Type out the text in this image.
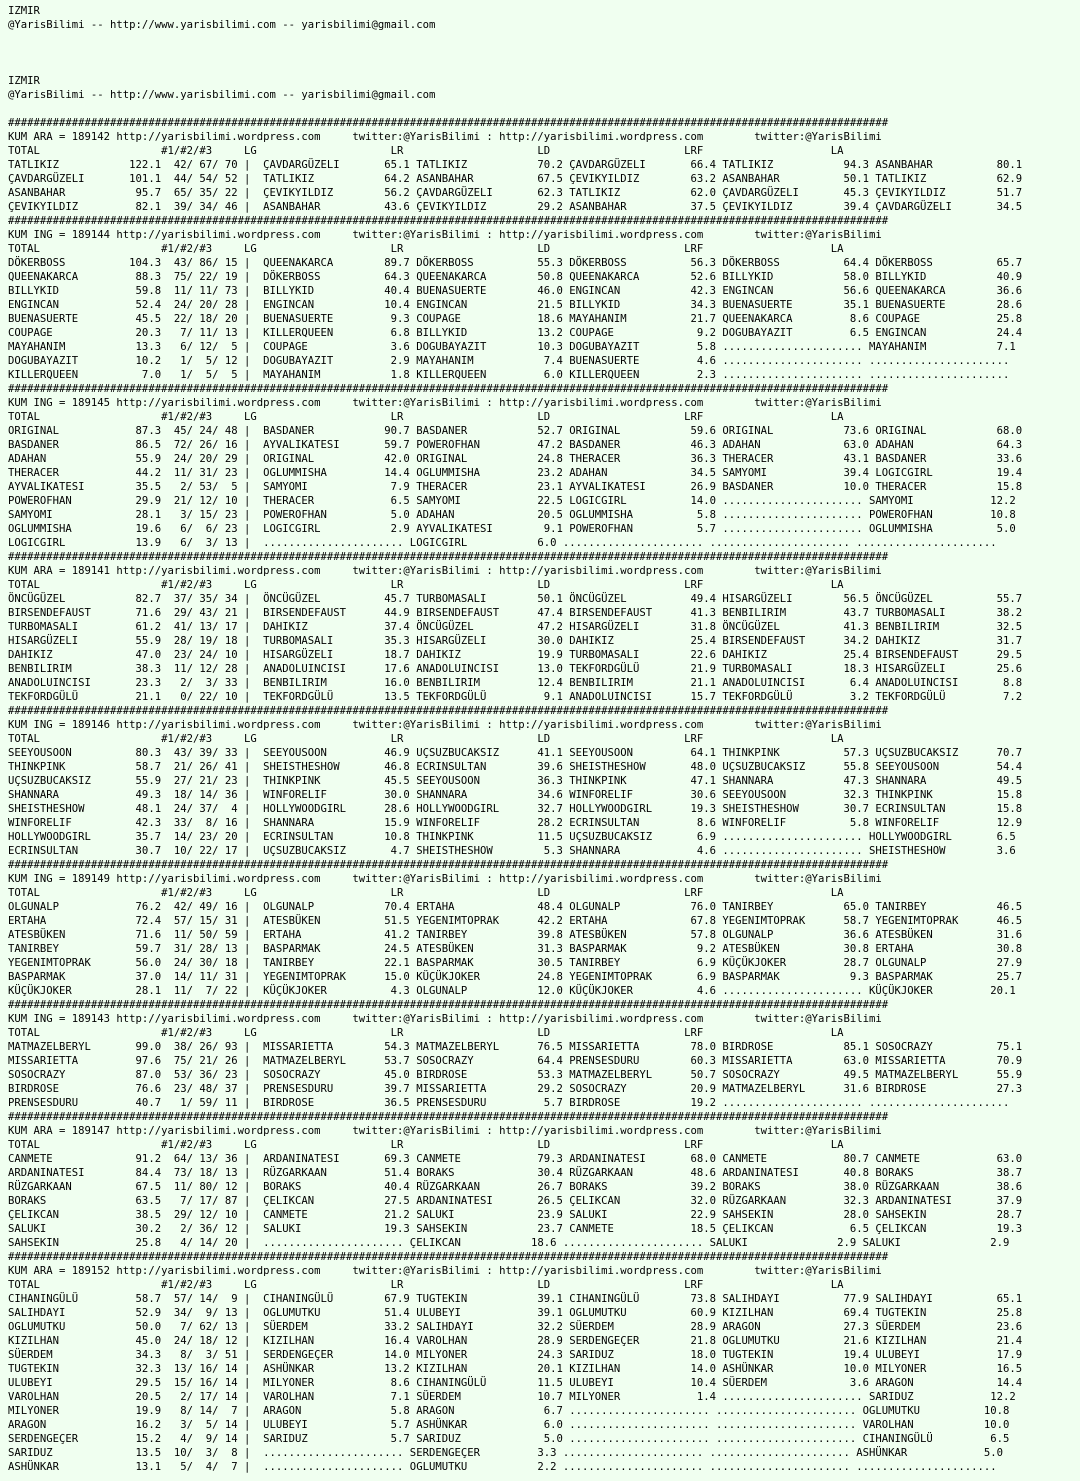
IZMIR
@YarisBilimi -- http://www.yarisbilimi.com -- yarisbilimi@gmail.com
IZMIR
@YarisBilimi -- http://www.yarisbilimi.com -- yarisbilimi@gmail.com
##########################################################################################################################################
KUM ARA = 189142 http://yarisbilimi.wordpress.com     twitter:@YarisBilimi : http://yarisbilimi.wordpress.com        twitter:@YarisBilimi
TOTAL                   #1/#2/#3     LG                     LR                     LD                     LRF                    LA
TATLIKIZ           122.1  42/ 67/ 70 |  ÇAVDARGÜZELI       65.1 TATLIKIZ           70.2 ÇAVDARGÜZELI       66.4 TATLIKIZ           94.3 ASANBAHAR          80.1
ÇAVDARGÜZELI       101.1  44/ 54/ 52 |  TATLIKIZ           64.2 ASANBAHAR          67.5 ÇEVIKYILDIZ        63.2 ASANBAHAR          50.1 TATLIKIZ           62.9
ASANBAHAR           95.7  65/ 35/ 22 |  ÇEVIKYILDIZ        56.2 ÇAVDARGÜZELI       62.3 TATLIKIZ           62.0 ÇAVDARGÜZELI       45.3 ÇEVIKYILDIZ        51.7
ÇEVIKYILDIZ         82.1  39/ 34/ 46 |  ASANBAHAR          43.6 ÇEVIKYILDIZ        29.2 ASANBAHAR          37.5 ÇEVIKYILDIZ        39.4 ÇAVDARGÜZELI       34.5
##########################################################################################################################################
KUM ING = 189144 http://yarisbilimi.wordpress.com     twitter:@YarisBilimi : http://yarisbilimi.wordpress.com        twitter:@YarisBilimi
TOTAL                   #1/#2/#3     LG                     LR                     LD                     LRF                    LA
DÖKERBOSS          104.3  43/ 86/ 15 |  QUEENAKARCA        89.7 DÖKERBOSS          55.3 DÖKERBOSS          56.3 DÖKERBOSS          64.4 DÖKERBOSS          65.7
QUEENAKARCA         88.3  75/ 22/ 19 |  DÖKERBOSS          64.3 QUEENAKARCA        50.8 QUEENAKARCA        52.6 BILLYKID           58.0 BILLYKID           40.9
BILLYKID            59.8  11/ 11/ 73 |  BILLYKID           40.4 BUENASUERTE        46.0 ENGINCAN           42.3 ENGINCAN           56.6 QUEENAKARCA        36.6
ENGINCAN            52.4  24/ 20/ 28 |  ENGINCAN           10.4 ENGINCAN           21.5 BILLYKID           34.3 BUENASUERTE        35.1 BUENASUERTE        28.6
BUENASUERTE         45.5  22/ 18/ 20 |  BUENASUERTE         9.3 COUPAGE            18.6 MAYAHANIM          21.7 QUEENAKARCA         8.6 COUPAGE            25.8
COUPAGE             20.3   7/ 11/ 13 |  KILLERQUEEN         6.8 BILLYKID           13.2 COUPAGE             9.2 DOGUBAYAZIT         6.5 ENGINCAN           24.4
MAYAHANIM           13.3   6/ 12/  5 |  COUPAGE             3.6 DOGUBAYAZIT        10.3 DOGUBAYAZIT         5.8 ...................... MAYAHANIM           7.1
DOGUBAYAZIT         10.2   1/  5/ 12 |  DOGUBAYAZIT         2.9 MAYAHANIM           7.4 BUENASUERTE         4.6 ...................... ......................
KILLERQUEEN          7.0   1/  5/  5 |  MAYAHANIM           1.8 KILLERQUEEN         6.0 KILLERQUEEN         2.3 ...................... ......................
##########################################################################################################################################
KUM ING = 189145 http://yarisbilimi.wordpress.com     twitter:@YarisBilimi : http://yarisbilimi.wordpress.com        twitter:@YarisBilimi
TOTAL                   #1/#2/#3     LG                     LR                     LD                     LRF                    LA
ORIGINAL            87.3  45/ 24/ 48 |  BASDANER           90.7 BASDANER           52.7 ORIGINAL           59.6 ORIGINAL           73.6 ORIGINAL           68.0
BASDANER            86.5  72/ 26/ 16 |  AYVALIKATESI       59.7 POWEROFHAN         47.2 BASDANER           46.3 ADAHAN             63.0 ADAHAN             64.3
ADAHAN              55.9  24/ 20/ 29 |  ORIGINAL           42.0 ORIGINAL           24.8 THERACER           36.3 THERACER           43.1 BASDANER           33.6
THERACER            44.2  11/ 31/ 23 |  OGLUMMISHA         14.4 OGLUMMISHA         23.2 ADAHAN             34.5 SAMYOMI            39.4 LOGICGIRL          19.4
AYVALIKATESI        35.5   2/ 53/  5 |  SAMYOMI             7.9 THERACER           23.1 AYVALIKATESI       26.9 BASDANER           10.0 THERACER           15.8
POWEROFHAN          29.9  21/ 12/ 10 |  THERACER            6.5 SAMYOMI            22.5 LOGICGIRL          14.0 ...................... SAMYOMI            12.2
SAMYOMI             28.1   3/ 15/ 23 |  POWEROFHAN          5.0 ADAHAN             20.5 OGLUMMISHA          5.8 ...................... POWEROFHAN         10.8
OGLUMMISHA          19.6   6/  6/ 23 |  LOGICGIRL           2.9 AYVALIKATESI        9.1 POWEROFHAN          5.7 ...................... OGLUMMISHA          5.0
LOGICGIRL           13.9   6/  3/ 13 |  ...................... LOGICGIRL           6.0 ...................... ...................... ......................
##########################################################################################################################################
KUM ARA = 189141 http://yarisbilimi.wordpress.com     twitter:@YarisBilimi : http://yarisbilimi.wordpress.com        twitter:@YarisBilimi
TOTAL                   #1/#2/#3     LG                     LR                     LD                     LRF                    LA
ÖNCÜGÜZEL           82.7  37/ 35/ 34 |  ÖNCÜGÜZEL          45.7 TURBOMASALI        50.1 ÖNCÜGÜZEL          49.4 HISARGÜZELI        56.5 ÖNCÜGÜZEL          55.7
BIRSENDEFAUST       71.6  29/ 43/ 21 |  BIRSENDEFAUST      44.9 BIRSENDEFAUST      47.4 BIRSENDEFAUST      41.3 BENBILIRIM         43.7 TURBOMASALI        38.2
TURBOMASALI         61.2  41/ 13/ 17 |  DAHIKIZ            37.4 ÖNCÜGÜZEL          47.2 HISARGÜZELI        31.8 ÖNCÜGÜZEL          41.3 BENBILIRIM         32.5
HISARGÜZELI         55.9  28/ 19/ 18 |  TURBOMASALI        35.3 HISARGÜZELI        30.0 DAHIKIZ            25.4 BIRSENDEFAUST      34.2 DAHIKIZ            31.7
DAHIKIZ             47.0  23/ 24/ 10 |  HISARGÜZELI        18.7 DAHIKIZ            19.9 TURBOMASALI        22.6 DAHIKIZ            25.4 BIRSENDEFAUST      29.5
BENBILIRIM          38.3  11/ 12/ 28 |  ANADOLUINCISI      17.6 ANADOLUINCISI      13.0 TEKFORDGÜLÜ        21.9 TURBOMASALI        18.3 HISARGÜZELI        25.6
ANADOLUINCISI       23.3   2/  3/ 33 |  BENBILIRIM         16.0 BENBILIRIM         12.4 BENBILIRIM         21.1 ANADOLUINCISI       6.4 ANADOLUINCISI       8.8
TEKFORDGÜLÜ         21.1   0/ 22/ 10 |  TEKFORDGÜLÜ        13.5 TEKFORDGÜLÜ         9.1 ANADOLUINCISI      15.7 TEKFORDGÜLÜ         3.2 TEKFORDGÜLÜ         7.2
##########################################################################################################################################
KUM ING = 189146 http://yarisbilimi.wordpress.com     twitter:@YarisBilimi : http://yarisbilimi.wordpress.com        twitter:@YarisBilimi
TOTAL                   #1/#2/#3     LG                     LR                     LD                     LRF                    LA
SEEYOUSOON          80.3  43/ 39/ 33 |  SEEYOUSOON         46.9 UÇSUZBUCAKSIZ      41.1 SEEYOUSOON         64.1 THINKPINK          57.3 UÇSUZBUCAKSIZ      70.7
THINKPINK           58.7  21/ 26/ 41 |  SHEISTHESHOW       46.8 ECRINSULTAN        39.6 SHEISTHESHOW       48.0 UÇSUZBUCAKSIZ      55.8 SEEYOUSOON         54.4
UÇSUZBUCAKSIZ       55.9  27/ 21/ 23 |  THINKPINK          45.5 SEEYOUSOON         36.3 THINKPINK          47.1 SHANNARA           47.3 SHANNARA           49.5
SHANNARA            49.3  18/ 14/ 36 |  WINFORELIF         30.0 SHANNARA           34.6 WINFORELIF         30.6 SEEYOUSOON         32.3 THINKPINK          15.8
SHEISTHESHOW        48.1  24/ 37/  4 |  HOLLYWOODGIRL      28.6 HOLLYWOODGIRL      32.7 HOLLYWOODGIRL      19.3 SHEISTHESHOW       30.7 ECRINSULTAN        15.8
WINFORELIF          42.3  33/  8/ 16 |  SHANNARA           15.9 WINFORELIF         28.2 ECRINSULTAN         8.6 WINFORELIF          5.8 WINFORELIF         12.9
HOLLYWOODGIRL       35.7  14/ 23/ 20 |  ECRINSULTAN        10.8 THINKPINK          11.5 UÇSUZBUCAKSIZ       6.9 ...................... HOLLYWOODGIRL       6.5
ECRINSULTAN         30.7  10/ 22/ 17 |  UÇSUZBUCAKSIZ       4.7 SHEISTHESHOW        5.3 SHANNARA            4.6 ...................... SHEISTHESHOW        3.6
##########################################################################################################################################
KUM ING = 189149 http://yarisbilimi.wordpress.com     twitter:@YarisBilimi : http://yarisbilimi.wordpress.com        twitter:@YarisBilimi
TOTAL                   #1/#2/#3     LG                     LR                     LD                     LRF                    LA
OLGUNALP            76.2  42/ 49/ 16 |  OLGUNALP           70.4 ERTAHA             48.4 OLGUNALP           76.0 TANIRBEY           65.0 TANIRBEY           46.5
ERTAHA              72.4  57/ 15/ 31 |  ATESBÜKEN          51.5 YEGENIMTOPRAK      42.2 ERTAHA             67.8 YEGENIMTOPRAK      58.7 YEGENIMTOPRAK      46.5
ATESBÜKEN           71.6  11/ 50/ 59 |  ERTAHA             41.2 TANIRBEY           39.8 ATESBÜKEN          57.8 OLGUNALP           36.6 ATESBÜKEN          31.6
TANIRBEY            59.7  31/ 28/ 13 |  BASPARMAK          24.5 ATESBÜKEN          31.3 BASPARMAK           9.2 ATESBÜKEN          30.8 ERTAHA             30.8
YEGENIMTOPRAK       56.0  24/ 30/ 18 |  TANIRBEY           22.1 BASPARMAK          30.5 TANIRBEY            6.9 KÜÇÜKJOKER         28.7 OLGUNALP           27.9
BASPARMAK           37.0  14/ 11/ 31 |  YEGENIMTOPRAK      15.0 KÜÇÜKJOKER         24.8 YEGENIMTOPRAK       6.9 BASPARMAK           9.3 BASPARMAK          25.7
KÜÇÜKJOKER          28.1  11/  7/ 22 |  KÜÇÜKJOKER          4.3 OLGUNALP           12.0 KÜÇÜKJOKER          4.6 ...................... KÜÇÜKJOKER         20.1
##########################################################################################################################################
KUM ING = 189143 http://yarisbilimi.wordpress.com     twitter:@YarisBilimi : http://yarisbilimi.wordpress.com        twitter:@YarisBilimi
TOTAL                   #1/#2/#3     LG                     LR                     LD                     LRF                    LA
MATMAZELBERYL       99.0  38/ 26/ 93 |  MISSARIETTA        54.3 MATMAZELBERYL      76.5 MISSARIETTA        78.0 BIRDROSE           85.1 SOSOCRAZY          75.1
MISSARIETTA         97.6  75/ 21/ 26 |  MATMAZELBERYL      53.7 SOSOCRAZY          64.4 PRENSESDURU        60.3 MISSARIETTA        63.0 MISSARIETTA        70.9
SOSOCRAZY           87.0  53/ 36/ 23 |  SOSOCRAZY          45.0 BIRDROSE           53.3 MATMAZELBERYL      50.7 SOSOCRAZY          49.5 MATMAZELBERYL      55.9
BIRDROSE            76.6  23/ 48/ 37 |  PRENSESDURU        39.7 MISSARIETTA        29.2 SOSOCRAZY          20.9 MATMAZELBERYL      31.6 BIRDROSE           27.3
PRENSESDURU         40.7   1/ 59/ 11 |  BIRDROSE           36.5 PRENSESDURU         5.7 BIRDROSE           19.2 ...................... ......................
##########################################################################################################################################
KUM ARA = 189147 http://yarisbilimi.wordpress.com     twitter:@YarisBilimi : http://yarisbilimi.wordpress.com        twitter:@YarisBilimi
TOTAL                   #1/#2/#3     LG                     LR                     LD                     LRF                    LA
CANMETE             91.2  64/ 13/ 36 |  ARDANINATESI       69.3 CANMETE            79.3 ARDANINATESI       68.0 CANMETE            80.7 CANMETE            63.0
ARDANINATESI        84.4  73/ 18/ 13 |  RÜZGARKAAN         51.4 BORAKS             30.4 RÜZGARKAAN         48.6 ARDANINATESI       40.8 BORAKS             38.7
RÜZGARKAAN          67.5  11/ 80/ 12 |  BORAKS             40.4 RÜZGARKAAN         26.7 BORAKS             39.2 BORAKS             38.0 RÜZGARKAAN         38.6
BORAKS              63.5   7/ 17/ 87 |  ÇELIKCAN           27.5 ARDANINATESI       26.5 ÇELIKCAN           32.0 RÜZGARKAAN         32.3 ARDANINATESI       37.9
ÇELIKCAN            38.5  29/ 12/ 10 |  CANMETE            21.2 SALUKI             23.9 SALUKI             22.9 SAHSEKIN           28.0 SAHSEKIN           28.7
SALUKI              30.2   2/ 36/ 12 |  SALUKI             19.3 SAHSEKIN           23.7 CANMETE            18.5 ÇELIKCAN            6.5 ÇELIKCAN           19.3
SAHSEKIN            25.8   4/ 14/ 20 |  ...................... ÇELIKCAN           18.6 ...................... SALUKI              2.9 SALUKI              2.9
##########################################################################################################################################
KUM ARA = 189152 http://yarisbilimi.wordpress.com     twitter:@YarisBilimi : http://yarisbilimi.wordpress.com        twitter:@YarisBilimi
TOTAL                   #1/#2/#3     LG                     LR                     LD                     LRF                    LA
CIHANINGÜLÜ         58.7  57/ 14/  9 |  CIHANINGÜLÜ        67.9 TUGTEKIN           39.1 CIHANINGÜLÜ        73.8 SALIHDAYI          77.9 SALIHDAYI          65.1
SALIHDAYI           52.9  34/  9/ 13 |  OGLUMUTKU          51.4 ULUBEYI            39.1 OGLUMUTKU          60.9 KIZILHAN           69.4 TUGTEKIN           25.8
OGLUMUTKU           50.0   7/ 62/ 13 |  SÜERDEM            33.2 SALIHDAYI          32.2 SÜERDEM            28.9 ARAGON             27.3 SÜERDEM            23.6
KIZILHAN            45.0  24/ 18/ 12 |  KIZILHAN           16.4 VAROLHAN           28.9 SERDENGEÇER        21.8 OGLUMUTKU          21.6 KIZILHAN           21.4
SÜERDEM             34.3   8/  3/ 51 |  SERDENGEÇER        14.0 MILYONER           24.3 SARIDUZ            18.0 TUGTEKIN           19.4 ULUBEYI            17.9
TUGTEKIN            32.3  13/ 16/ 14 |  ASHÜNKAR           13.2 KIZILHAN           20.1 KIZILHAN           14.0 ASHÜNKAR           10.0 MILYONER           16.5
ULUBEYI             29.5  15/ 16/ 14 |  MILYONER            8.6 CIHANINGÜLÜ        11.5 ULUBEYI            10.4 SÜERDEM             3.6 ARAGON             14.4
VAROLHAN            20.5   2/ 17/ 14 |  VAROLHAN            7.1 SÜERDEM            10.7 MILYONER            1.4 ...................... SARIDUZ            12.2
MILYONER            19.9   8/ 14/  7 |  ARAGON              5.8 ARAGON              6.7 ...................... ...................... OGLUMUTKU          10.8
ARAGON              16.2   3/  5/ 14 |  ULUBEYI             5.7 ASHÜNKAR            6.0 ...................... ...................... VAROLHAN           10.0
SERDENGEÇER         15.2   4/  9/ 14 |  SARIDUZ             5.7 SARIDUZ             5.0 ...................... ...................... CIHANINGÜLÜ         6.5
SARIDUZ             13.5  10/  3/  8 |  ...................... SERDENGEÇER         3.3 ...................... ...................... ASHÜNKAR            5.0
ASHÜNKAR            13.1   5/  4/  7 |  ...................... OGLUMUTKU           2.2 ...................... ...................... ......................
